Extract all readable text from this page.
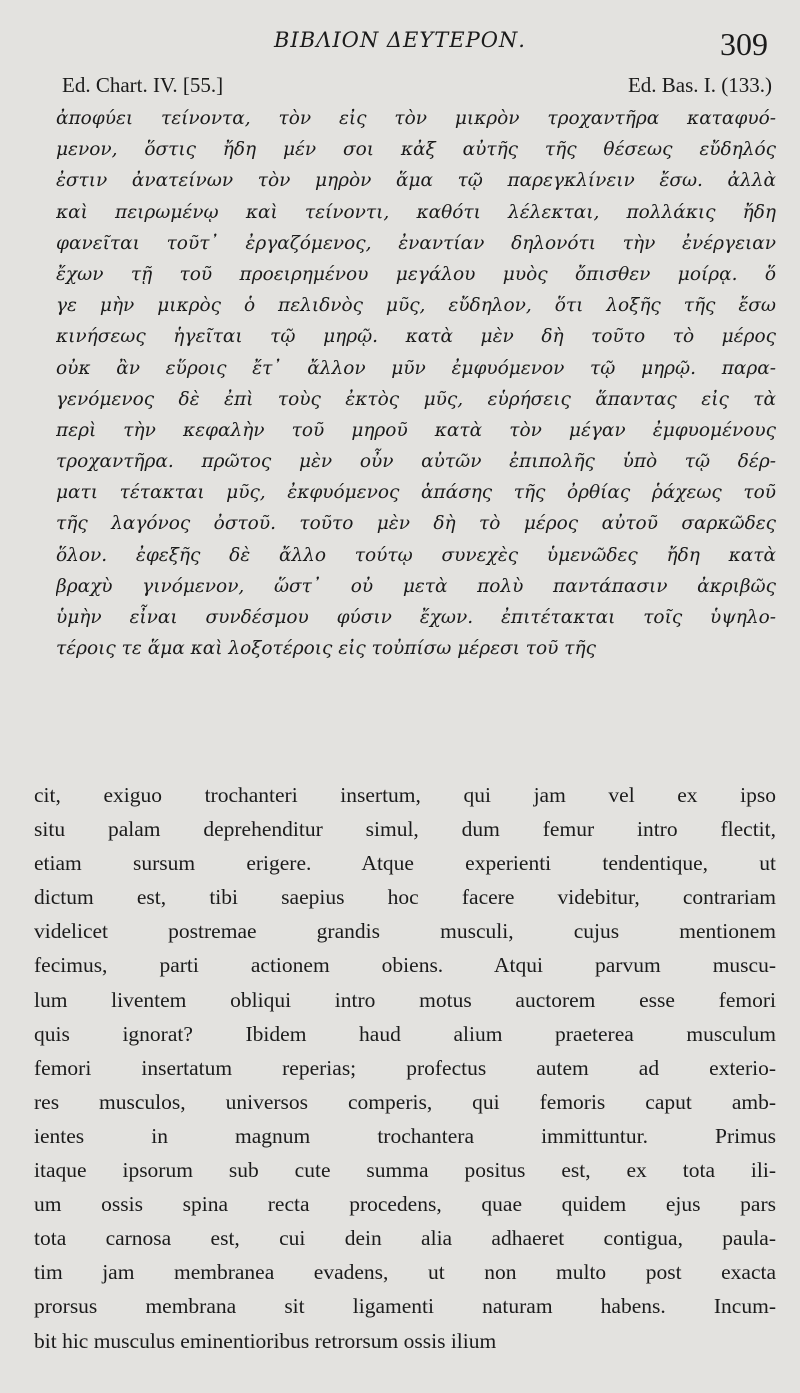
ΒΙΒΛΙΟΝ ΔΕΥΤΕΡΟΝ.	309
Ed. Chart. IV. [55.]	Ed. Bas. I. (133.)
ἀποφύει τείνοντα, τὸν εἰς τὸν μικρὸν τροχαντῆρα καταφυό-
μενον, ὅστις ἤδη μέν σοι κἀξ αὐτῆς τῆς θέσεως εὔδηλός
ἐστιν ἀνατείνων τὸν μηρὸν ἅμα τῷ παρεγκλίνειν ἔσω. ἀλλὰ
καὶ πειρωμένῳ καὶ τείνοντι, καθότι λέλεκται, πολλάκις ἤδη
φανεῖται τοῦτ᾽ ἐργαζόμενος, ἐναντίαν δηλονότι τὴν ἐνέργειαν
ἔχων τῇ τοῦ προειρημένου μεγάλου μυὸς ὄπισθεν μοίρᾳ. ὅ
γε μὴν μικρὸς ὁ πελιδνὸς μῦς, εὔδηλον, ὅτι λοξῆς τῆς ἔσω
κινήσεως ἡγεῖται τῷ μηρῷ. κατὰ μὲν δὴ τοῦτο τὸ μέρος
οὐκ ἂν εὕροις ἔτ᾽ ἄλλον μῦν ἐμφυόμενον τῷ μηρῷ. παρα-
γενόμενος δὲ ἐπὶ τοὺς ἐκτὸς μῦς, εὑρήσεις ἅπαντας εἰς τὰ
περὶ τὴν κεφαλὴν τοῦ μηροῦ κατὰ τὸν μέγαν ἐμφυομένους
τροχαντῆρα. πρῶτος μὲν οὖν αὐτῶν ἐπιπολῆς ὑπὸ τῷ δέρ-
ματι τέτακται μῦς, ἐκφυόμενος ἁπάσης τῆς ὀρθίας ῥάχεως τοῦ
τῆς λαγόνος ὀστοῦ. τοῦτο μὲν δὴ τὸ μέρος αὐτοῦ σαρκῶδες
ὅλον. ἐφεξῆς δὲ ἄλλο τούτῳ συνεχὲς ὑμενῶδες ἤδη κατὰ
βραχὺ γινόμενον, ὥστ᾽ οὐ μετὰ πολὺ παντάπασιν ἀκριβῶς
ὑμὴν εἶναι συνδέσμου φύσιν ἔχων. ἐπιτέτακται τοῖς ὑψηλο-
τέροις τε ἅμα καὶ λοξοτέροις εἰς τοὐπίσω μέρεσι τοῦ τῆς
cit, exiguo trochanteri insertum, qui jam vel ex ipso
situ palam deprehenditur simul, dum femur intro flectit,
etiam sursum erigere. Atque experienti tendentique, ut
dictum est, tibi saepius hoc facere videbitur, contrariam
videlicet postremae grandis musculi, cujus mentionem
fecimus, parti actionem obiens. Atqui parvum muscu-
lum liventem obliqui intro motus auctorem esse femori
quis ignorat? Ibidem haud alium praeterea musculum
femori insertatum reperias; profectus autem ad exterio-
res musculos, universos comperis, qui femoris caput amb-
ientes in magnum trochantera immittuntur. Primus
itaque ipsorum sub cute summa positus est, ex tota ili-
um ossis spina recta procedens, quae quidem ejus pars
tota carnosa est, cui dein alia adhaeret contigua, paula-
tim jam membranea evadens, ut non multo post exacta
prorsus membrana sit ligamenti naturam habens. Incum-
bit hic musculus eminentioribus retrorsum ossis ilium
